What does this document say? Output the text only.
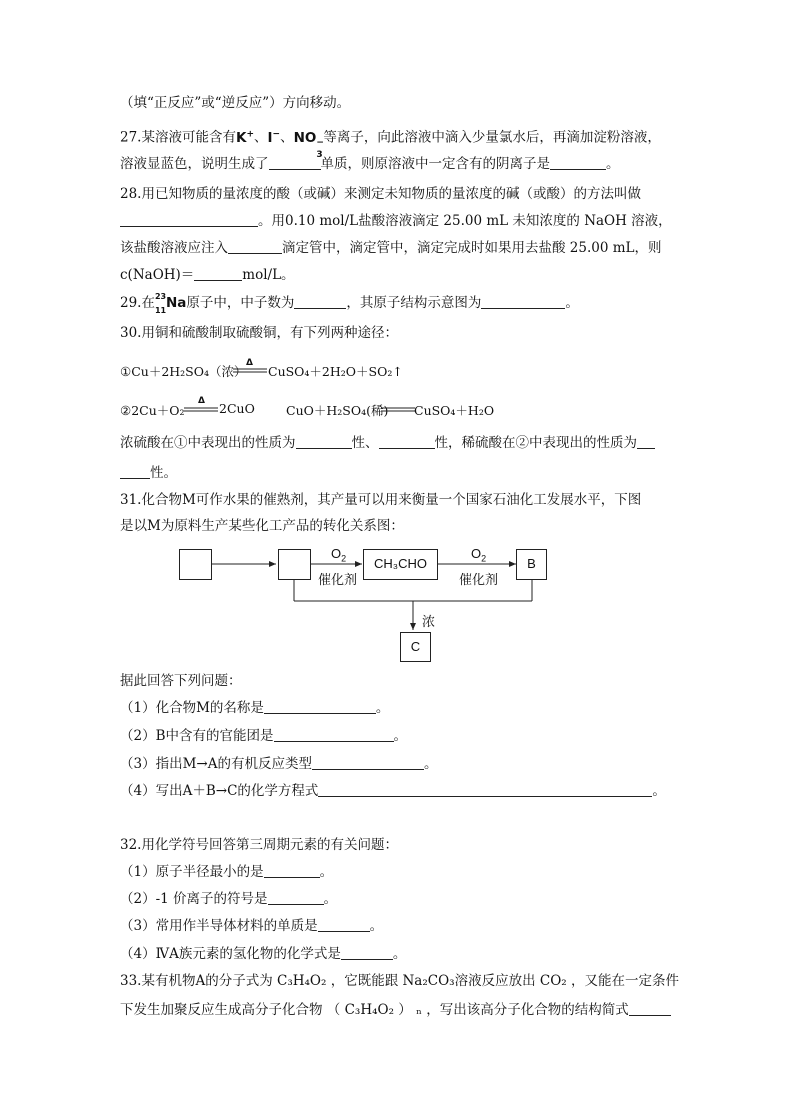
（填“正反应”或“逆反应”）方向移动。
27.某溶液可能含有K+、I−、NO −
3
等离子，向此溶液中滴入少量氯水后，再滴加淀粉溶液，
溶液显蓝色，说明生成了	单质，则原溶液中一定含有的阴离子是	。
28.用已知物质的量浓度的酸（或碱）来测定未知物质的量浓度的碱（或酸）的方法叫做
。用0.10 mol/L盐酸溶液滴定 25.00 mL 未知浓度的 NaOH 溶液，
该盐酸溶液应注入	滴定管中，滴定管中，滴定完成时如果用去盐酸 25.00 mL，则
c(NaOH)＝	mol/L。
29.在 23
11 Na原子中，中子数为	，其原子结构示意图为	。
30.用铜和硫酸制取硫酸铜，有下列两种途径：
①Cu＋2H₂SO₄（浓）
Δ
CuSO₄＋2H₂O＋SO₂↑
②2Cu＋O₂
Δ 2CuO CuO＋H₂SO₄(稀) CuSO₄＋H₂O
浓硫酸在①中表现出的性质为	性、	性，稀硫酸在②中表现出的性质为
性。
31.化合物M可作水果的催熟剂，其产量可以用来衡量一个国家石油化工发展水平，下图
是以M为原料生产某些化工产品的转化关系图：
CH₃CHO	B
C
$O_2$
催化剂
$O_2$
催化剂
浓
据此回答下列问题：
（1）化合物M的名称是	。
（2）B中含有的官能团是	。
（3）指出M→A的有机反应类型	。
（4）写出A＋B→C的化学方程式	。
32.用化学符号回答第三周期元素的有关问题：
（1）原子半径最小的是	。
（2）-1 价离子的符号是	。
（3）常用作半导体材料的单质是	。
（4）ⅣA族元素的氢化物的化学式是	。
33.某有机物A的分子式为 C₃H₄O₂ ，它既能跟 Na₂CO₃溶液反应放出 CO₂ ，又能在一定条件
下发生加聚反应生成高分子化合物 （ C₃H₄O₂ ） ₙ ，写出该高分子化合物的结构简式
